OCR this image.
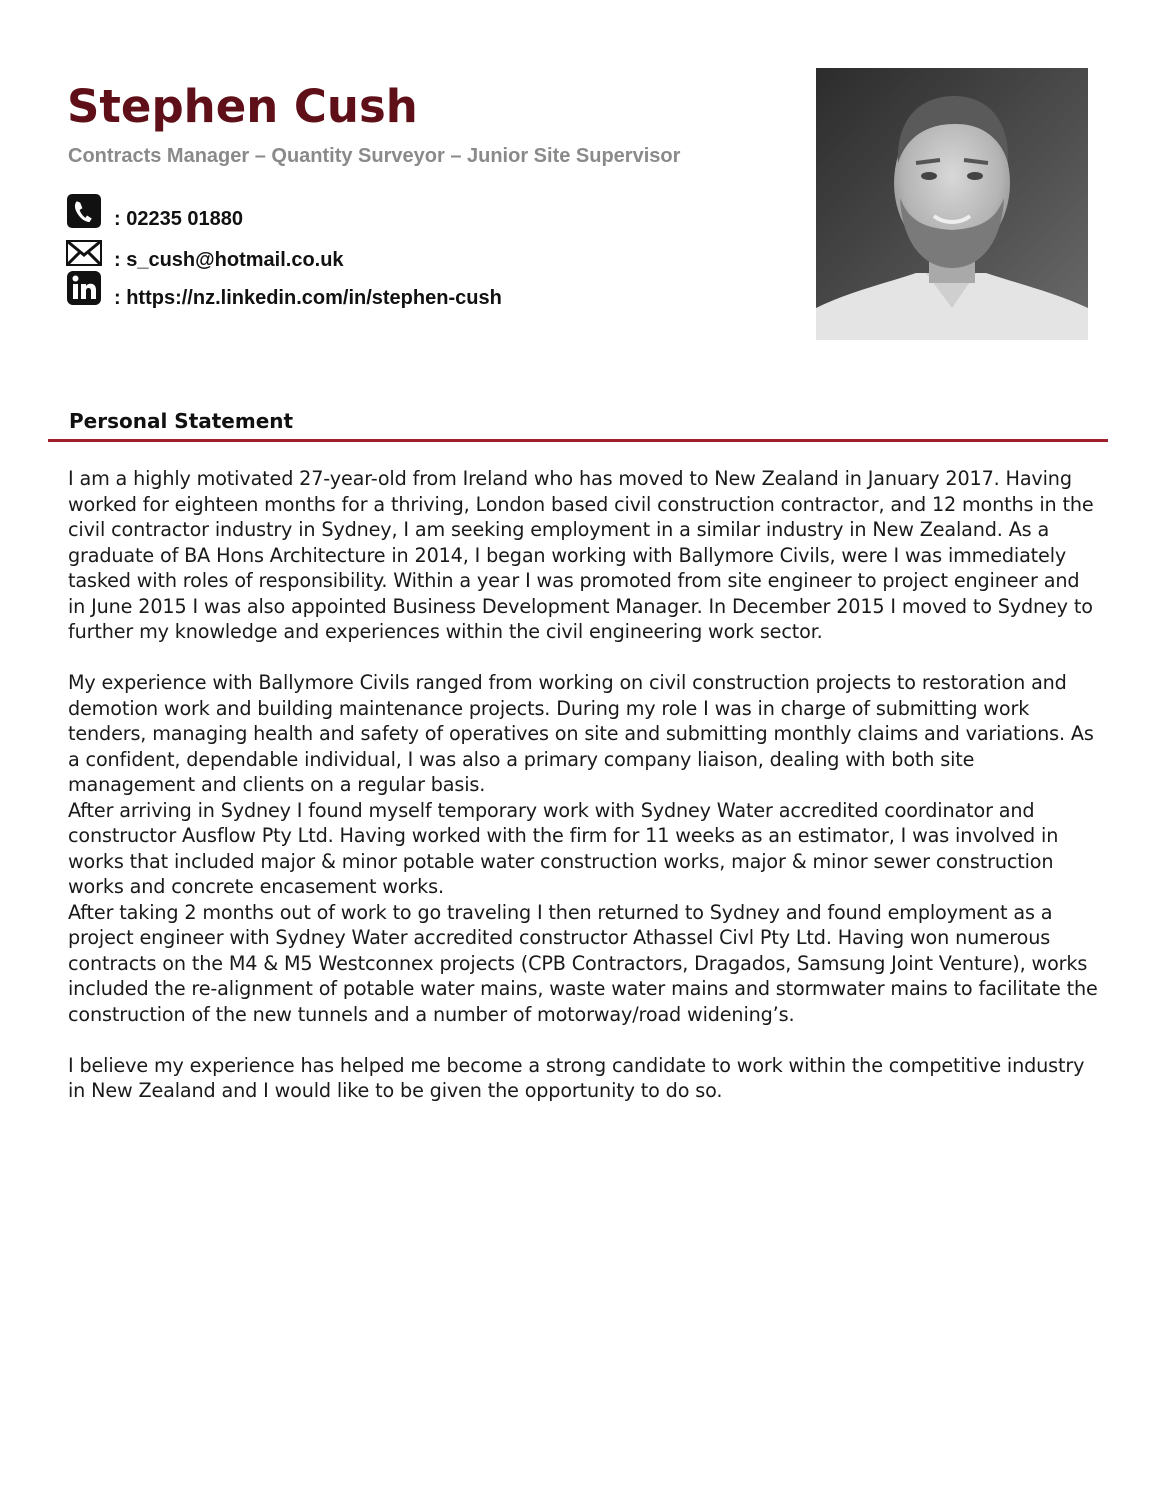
Stephen Cush
Contracts Manager – Quantity Surveyor – Junior Site Supervisor
: 02235 01880
: s_cush@hotmail.co.uk
: https://nz.linkedin.com/in/stephen-cush
Personal Statement

I am a highly motivated 27-year-old from Ireland who has moved to New Zealand in January 2017. Having worked for eighteen months for a thriving, London based civil construction contractor, and 12 months in the civil contractor industry in Sydney, I am seeking employment in a similar industry in New Zealand. As a graduate of BA Hons Architecture in 2014, I began working with Ballymore Civils, were I was immediately tasked with roles of responsibility. Within a year I was promoted from site engineer to project engineer and in June 2015 I was also appointed Business Development Manager. In December 2015 I moved to Sydney to further my knowledge and experiences within the civil engineering work sector.

My experience with Ballymore Civils ranged from working on civil construction projects to restoration and demotion work and building maintenance projects. During my role I was in charge of submitting work tenders, managing health and safety of operatives on site and submitting monthly claims and variations. As a confident, dependable individual, I was also a primary company liaison, dealing with both site management and clients on a regular basis.

After arriving in Sydney I found myself temporary work with Sydney Water accredited coordinator and constructor Ausflow Pty Ltd. Having worked with the firm for 11 weeks as an estimator, I was involved in works that included major & minor potable water construction works, major & minor sewer construction works and concrete encasement works.

After taking 2 months out of work to go traveling I then returned to Sydney and found employment as a project engineer with Sydney Water accredited constructor Athassel Civl Pty Ltd. Having won numerous contracts on the M4 & M5 Westconnex projects (CPB Contractors, Dragados, Samsung Joint Venture), works included the re-alignment of potable water mains, waste water mains and stormwater mains to facilitate the construction of the new tunnels and a number of motorway/road widening’s.

I believe my experience has helped me become a strong candidate to work within the competitive industry in New Zealand and I would like to be given the opportunity to do so.
